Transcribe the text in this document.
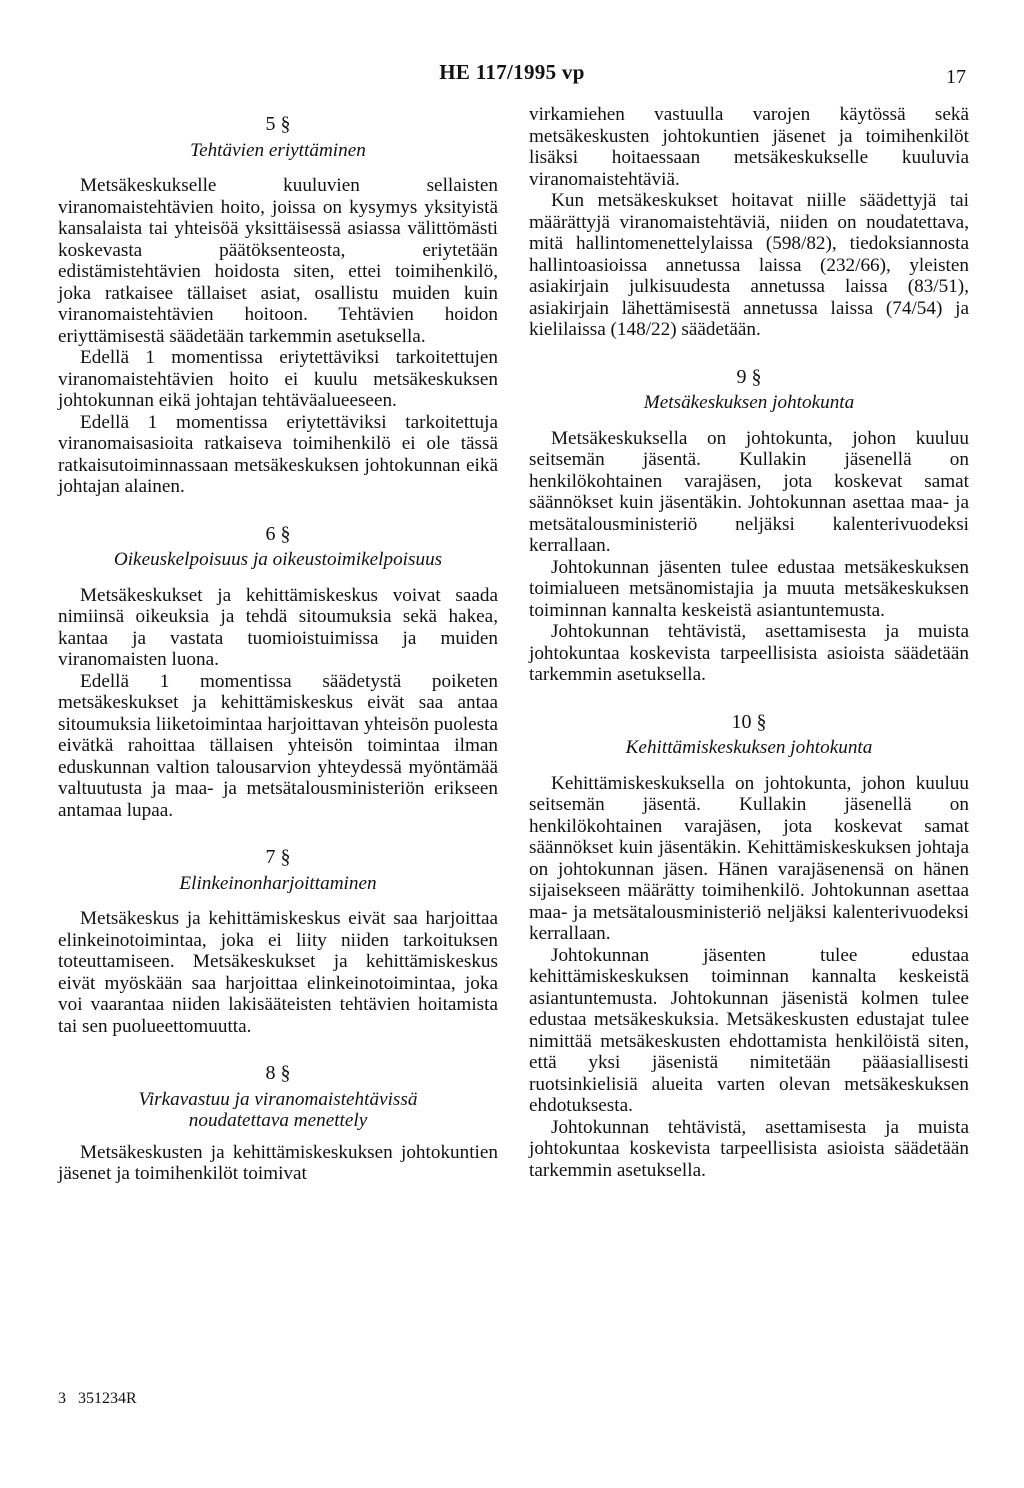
HE 117/1995 vp	17
5 §
Tehtävien eriyttäminen

Metsäkeskukselle kuuluvien sellaisten viranomaistehtävien hoito, joissa on kysymys yksityistä kansalaista tai yhteisöä yksittäisessä asiassa välittömästi koskevasta päätöksenteosta, eriytetään edistämistehtävien hoidosta siten, ettei toimihenkilö, joka ratkaisee tällaiset asiat, osallistu muiden kuin viranomaistehtävien hoitoon. Tehtävien hoidon eriyttämisestä säädetään tarkemmin asetuksella.

Edellä 1 momentissa eriytettäviksi tarkoitettujen viranomaistehtävien hoito ei kuulu metsäkeskuksen johtokunnan eikä johtajan tehtäväalueeseen.

Edellä 1 momentissa eriytettäviksi tarkoitettuja viranomaisasioita ratkaiseva toimihenkilö ei ole tässä ratkaisutoiminnassaan metsäkeskuksen johtokunnan eikä johtajan alainen.

6 §
Oikeuskelpoisuus ja oikeustoimikelpoisuus

Metsäkeskukset ja kehittämiskeskus voivat saada nimiinsä oikeuksia ja tehdä sitoumuksia sekä hakea, kantaa ja vastata tuomioistuimissa ja muiden viranomaisten luona.

Edellä 1 momentissa säädetystä poiketen metsäkeskukset ja kehittämiskeskus eivät saa antaa sitoumuksia liiketoimintaa harjoittavan yhteisön puolesta eivätkä rahoittaa tällaisen yhteisön toimintaa ilman eduskunnan valtion talousarvion yhteydessä myöntämää valtuutusta ja maa- ja metsätalousministeriön erikseen antamaa lupaa.

7 §
Elinkeinonharjoittaminen

Metsäkeskus ja kehittämiskeskus eivät saa harjoittaa elinkeinotoimintaa, joka ei liity niiden tarkoituksen toteuttamiseen. Metsäkeskukset ja kehittämiskeskus eivät myöskään saa harjoittaa elinkeinotoimintaa, joka voi vaarantaa niiden lakisääteisten tehtävien hoitamista tai sen puolueettomuutta.

8 §
Virkavastuu ja viranomaistehtävissä
noudatettava menettely

Metsäkeskusten ja kehittämiskeskuksen johtokuntien jäsenet ja toimihenkilöt toimivat

virkamiehen vastuulla varojen käytössä sekä metsäkeskusten johtokuntien jäsenet ja toimihenkilöt lisäksi hoitaessaan metsäkeskukselle kuuluvia viranomaistehtäviä.

Kun metsäkeskukset hoitavat niille säädettyjä tai määrättyjä viranomaistehtäviä, niiden on noudatettava, mitä hallintomenettelylaissa (598/82), tiedoksiannosta hallintoasioissa annetussa laissa (232/66), yleisten asiakirjain julkisuudesta annetussa laissa (83/51), asiakirjain lähettämisestä annetussa laissa (74/54) ja kielilaissa (148/22) säädetään.

9 §
Metsäkeskuksen johtokunta

Metsäkeskuksella on johtokunta, johon kuuluu seitsemän jäsentä. Kullakin jäsenellä on henkilökohtainen varajäsen, jota koskevat samat säännökset kuin jäsentäkin. Johtokunnan asettaa maa- ja metsätalousministeriö neljäksi kalenterivuodeksi kerrallaan.

Johtokunnan jäsenten tulee edustaa metsäkeskuksen toimialueen metsänomistajia ja muuta metsäkeskuksen toiminnan kannalta keskeistä asiantuntemusta.

Johtokunnan tehtävistä, asettamisesta ja muista johtokuntaa koskevista tarpeellisista asioista säädetään tarkemmin asetuksella.

10 §
Kehittämiskeskuksen johtokunta

Kehittämiskeskuksella on johtokunta, johon kuuluu seitsemän jäsentä. Kullakin jäsenellä on henkilökohtainen varajäsen, jota koskevat samat säännökset kuin jäsentäkin. Kehittämiskeskuksen johtaja on johtokunnan jäsen. Hänen varajäsenensä on hänen sijaisekseen määrätty toimihenkilö. Johtokunnan asettaa maa- ja metsätalousministeriö neljäksi kalenterivuodeksi kerrallaan.

Johtokunnan jäsenten tulee edustaa kehittämiskeskuksen toiminnan kannalta keskeistä asiantuntemusta. Johtokunnan jäsenistä kolmen tulee edustaa metsäkeskuksia. Metsäkeskusten edustajat tulee nimittää metsäkeskusten ehdottamista henkilöistä siten, että yksi jäsenistä nimitetään pääasiallisesti ruotsinkielisiä alueita varten olevan metsäkeskuksen ehdotuksesta.

Johtokunnan tehtävistä, asettamisesta ja muista johtokuntaa koskevista tarpeellisista asioista säädetään tarkemmin asetuksella.

3   351234R
